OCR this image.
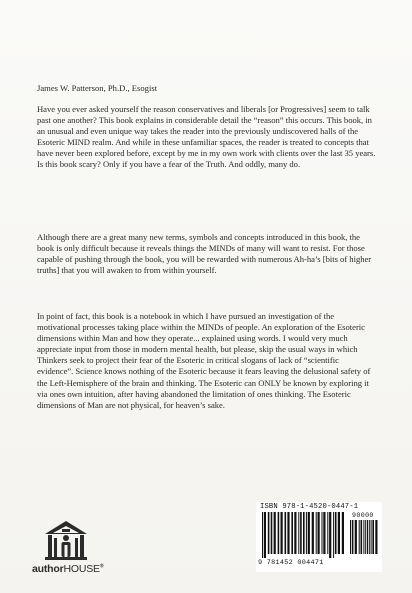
James W. Patterson, Ph.D., Esogist

Have you ever asked yourself the reason conservatives and liberals [or Progressives] seem to talk past one another? This book explains in considerable detail the “reason” this occurs. This book, in an unusual and even unique way takes the reader into the previously undiscovered halls of the Esoteric MIND realm. And while in these unfamiliar spaces, the reader is treated to concepts that have never been explored before, except by me in my own work with clients over the last 35 years. Is this book scary? Only if you have a fear of the Truth. And oddly, many do.

Although there are a great many new terms, symbols and concepts introduced in this book, the book is only difficult because it reveals things the MINDs of many will want to resist. For those capable of pushing through the book, you will be rewarded with numerous Ah-ha’s [bits of higher truths] that you will awaken to from within yourself.

In point of fact, this book is a notebook in which I have pursued an investigation of the motivational processes taking place within the MINDs of people. An exploration of the Esoteric dimensions within Man and how they operate... explained using words. I would very much appreciate input from those in modern mental health, but please, skip the usual ways in which Thinkers seek to project their fear of the Esoteric in critical slogans of lack of “scientific evidence”. Science knows nothing of the Esoteric because it fears leaving the delusional safety of the Left-Hemisphere of the brain and thinking. The Esoteric can ONLY be known by exploring it via ones own intuition, after having abandoned the limitation of ones thinking. The Esoteric dimensions of Man are not physical, for heaven’s sake.

authorHOUSE®
ISBN 978-1-4520-0447-1
90000
9 781452 004471
